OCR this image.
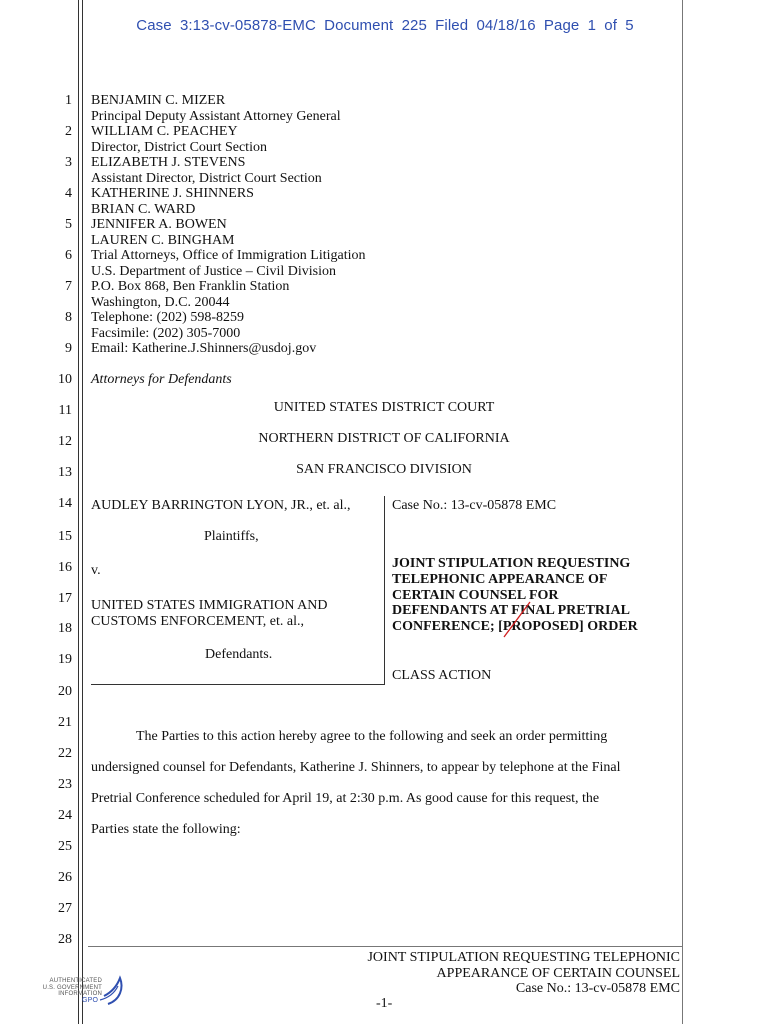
Case 3:13-cv-05878-EMC Document 225 Filed 04/18/16 Page 1 of 5
1
2
3
4
5
6
7
8
9
10
11
12
13
14
15
16
17
18
19
20
21
22
23
24
25
26
27
28
BENJAMIN C. MIZER
Principal Deputy Assistant Attorney General
WILLIAM C. PEACHEY
Director, District Court Section
ELIZABETH J. STEVENS
Assistant Director, District Court Section
KATHERINE J. SHINNERS
BRIAN C. WARD
JENNIFER A. BOWEN
LAUREN C. BINGHAM
Trial Attorneys, Office of Immigration Litigation
U.S. Department of Justice – Civil Division
P.O. Box 868, Ben Franklin Station
Washington, D.C. 20044
Telephone: (202) 598-8259
Facsimile: (202) 305-7000
Email: Katherine.J.Shinners@usdoj.gov
Attorneys for Defendants
UNITED STATES DISTRICT COURT
NORTHERN DISTRICT OF CALIFORNIA
SAN FRANCISCO DIVISION
AUDLEY BARRINGTON LYON, JR., et. al.,
Plaintiffs,
v.
UNITED STATES IMMIGRATION AND
CUSTOMS ENFORCEMENT, et. al.,
Defendants.
Case No.: 13-cv-05878 EMC
JOINT STIPULATION REQUESTING
TELEPHONIC APPEARANCE OF
CERTAIN COUNSEL FOR
DEFENDANTS AT FINAL PRETRIAL
CONFERENCE; [PROPOSED] ORDER
CLASS ACTION
The Parties to this action hereby agree to the following and seek an order permitting
undersigned counsel for Defendants, Katherine J. Shinners, to appear by telephone at the Final
Pretrial Conference scheduled for April 19, at 2:30 p.m. As good cause for this request, the
Parties state the following:
JOINT STIPULATION REQUESTING TELEPHONIC
APPEARANCE OF CERTAIN COUNSEL
Case No.: 13-cv-05878 EMC
-1-
AUTHENTICATED
U.S. GOVERNMENT
INFORMATION
GPO
